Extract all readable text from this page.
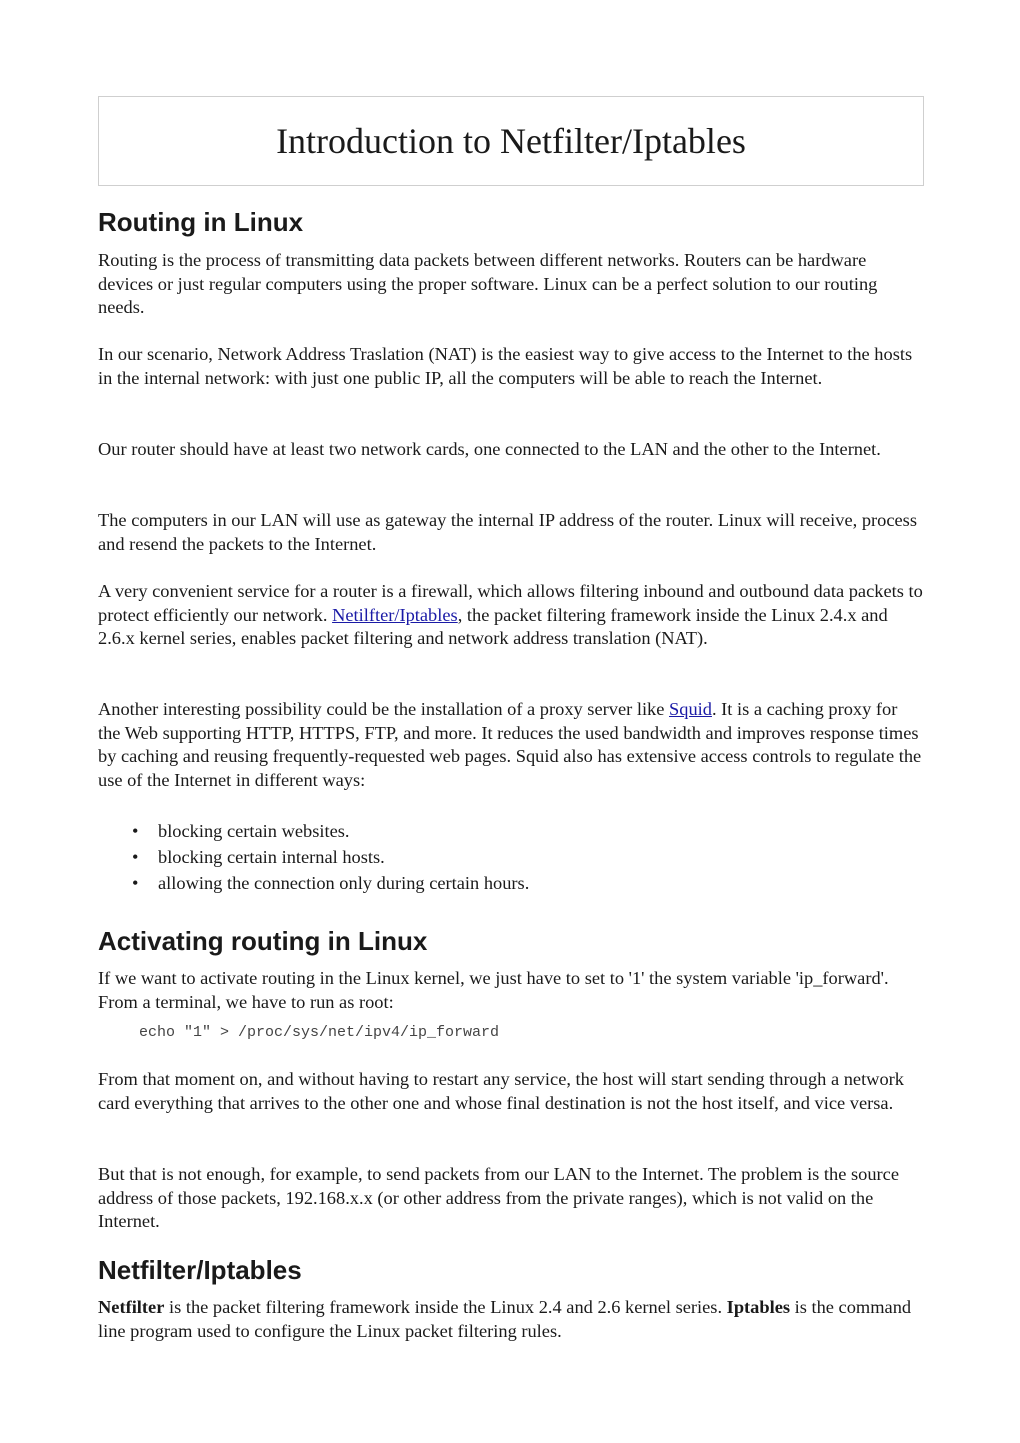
Introduction to Netfilter/Iptables
Routing in Linux

Routing is the process of transmitting data packets between different networks. Routers can be hardware devices or just regular computers using the proper software. Linux can be a perfect solution to our routing needs.

In our scenario, Network Address Traslation (NAT) is the easiest way to give access to the Internet to the hosts in the internal network: with just one public IP, all the computers will be able to reach the Internet.

Our router should have at least two network cards, one connected to the LAN and the other to the Internet.

The computers in our LAN will use as gateway the internal IP address of the router. Linux will receive, process and resend the packets to the Internet.

A very convenient service for a router is a firewall, which allows filtering inbound and outbound data packets to protect efficiently our network. Netilfter/Iptables, the packet filtering framework inside the Linux 2.4.x and 2.6.x kernel series, enables packet filtering and network address translation (NAT).

Another interesting possibility could be the installation of a proxy server like Squid. It is a caching proxy for the Web supporting HTTP, HTTPS, FTP, and more. It reduces the used bandwidth and improves response times by caching and reusing frequently-requested web pages. Squid also has extensive access controls to regulate the use of the Internet in different ways:

• blocking certain websites.
• blocking certain internal hosts.
• allowing the connection only during certain hours.
Activating routing in Linux

If we want to activate routing in the Linux kernel, we just have to set to '1' the system variable 'ip_forward'. From a terminal, we have to run as root:

echo "1" > /proc/sys/net/ipv4/ip_forward

From that moment on, and without having to restart any service, the host will start sending through a network card everything that arrives to the other one and whose final destination is not the host itself, and vice versa.

But that is not enough, for example, to send packets from our LAN to the Internet. The problem is the source address of those packets, 192.168.x.x (or other address from the private ranges), which is not valid on the Internet.

Netfilter/Iptables

Netfilter is the packet filtering framework inside the Linux 2.4 and 2.6 kernel series. Iptables is the command line program used to configure the Linux packet filtering rules.
